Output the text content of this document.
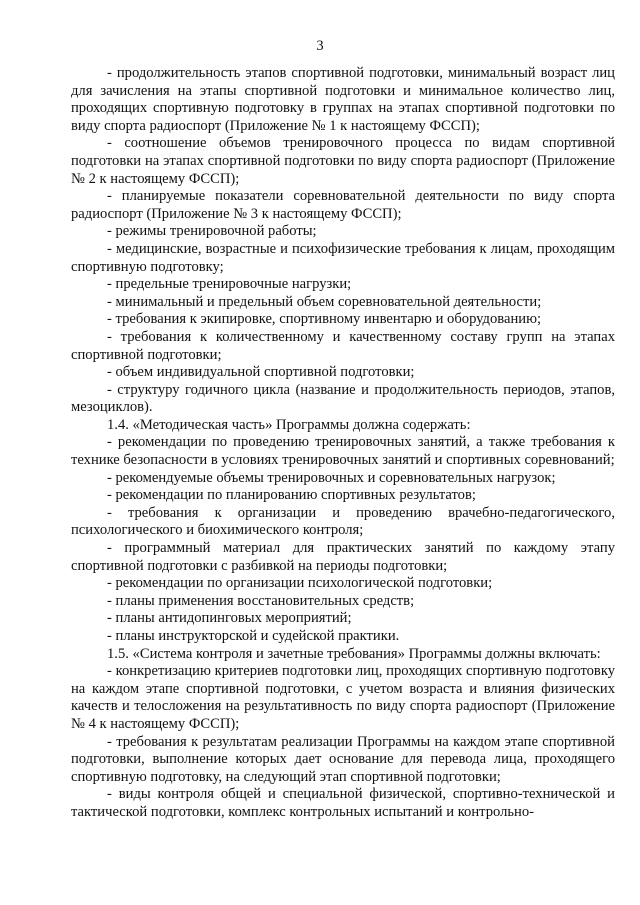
3

- продолжительность этапов спортивной подготовки, минимальный возраст лиц для зачисления на этапы спортивной подготовки и минимальное количество лиц, проходящих спортивную подготовку в группах на этапах спортивной подготовки по виду спорта радиоспорт (Приложение № 1 к настоящему ФССП);

- соотношение объемов тренировочного процесса по видам спортивной подготовки на этапах спортивной подготовки по виду спорта радиоспорт (Приложение № 2 к настоящему ФССП);

- планируемые показатели соревновательной деятельности по виду спорта радиоспорт (Приложение № 3 к настоящему ФССП);

- режимы тренировочной работы;

- медицинские, возрастные и психофизические требования к лицам, проходящим спортивную подготовку;

- предельные тренировочные нагрузки;

- минимальный и предельный объем соревновательной деятельности;

- требования к экипировке, спортивному инвентарю и оборудованию;

- требования к количественному и качественному составу групп на этапах спортивной подготовки;

- объем индивидуальной спортивной подготовки;

- структуру годичного цикла (название и продолжительность периодов, этапов, мезоциклов).

1.4. «Методическая часть» Программы должна содержать:

- рекомендации по проведению тренировочных занятий, а также требования к технике безопасности в условиях тренировочных занятий и спортивных соревнований;

- рекомендуемые объемы тренировочных и соревновательных нагрузок;

- рекомендации по планированию спортивных результатов;

- требования к организации и проведению врачебно-педагогического, психологического и биохимического контроля;

- программный материал для практических занятий по каждому этапу спортивной подготовки с разбивкой на периоды подготовки;

- рекомендации по организации психологической подготовки;

- планы применения восстановительных средств;

- планы антидопинговых мероприятий;

- планы инструкторской и судейской практики.

1.5. «Система контроля и зачетные требования» Программы должны включать:

- конкретизацию критериев подготовки лиц, проходящих спортивную подготовку на каждом этапе спортивной подготовки, с учетом возраста и влияния физических качеств и телосложения на результативность по виду спорта радиоспорт (Приложение № 4 к настоящему ФССП);

- требования к результатам реализации Программы на каждом этапе спортивной подготовки, выполнение которых дает основание для перевода лица, проходящего спортивную подготовку, на следующий этап спортивной подготовки;

- виды контроля общей и специальной физической, спортивно-технической и тактической подготовки, комплекс контрольных испытаний и контрольно-
